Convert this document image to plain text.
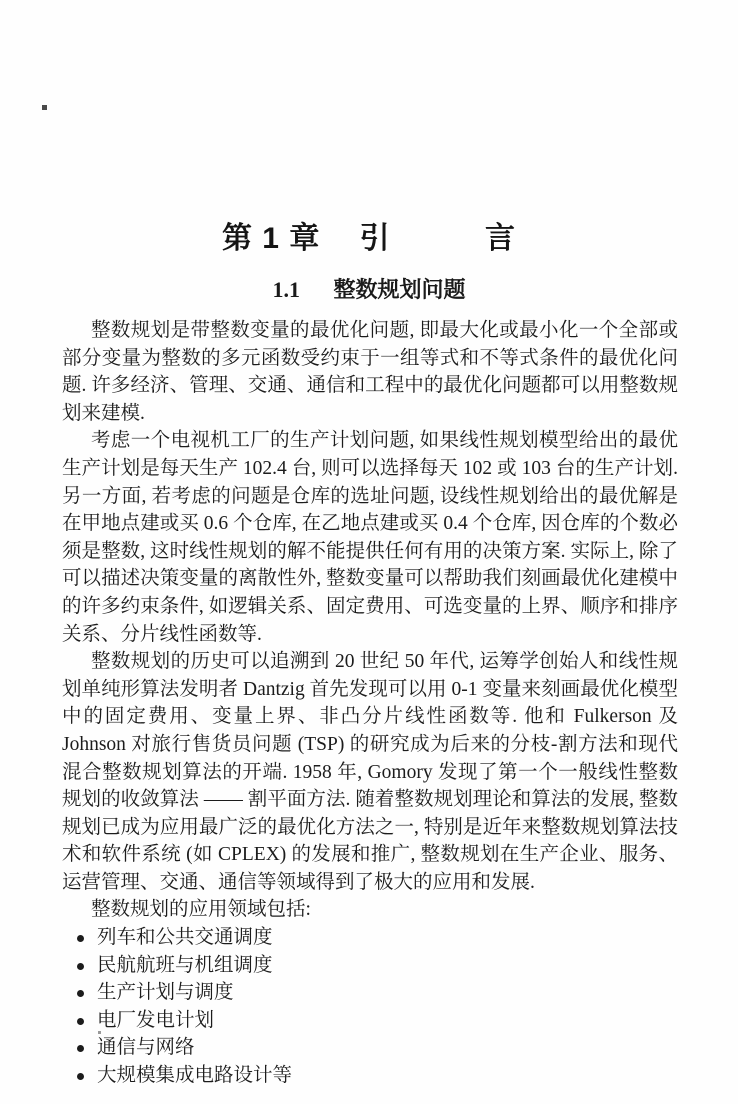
第 1 章 引	言
1.1 整数规划问题

整数规划是带整数变量的最优化问题, 即最大化或最小化一个全部或部分变量为整数的多元函数受约束于一组等式和不等式条件的最优化问题. 许多经济、管理、交通、通信和工程中的最优化问题都可以用整数规划来建模.

考虑一个电视机工厂的生产计划问题, 如果线性规划模型给出的最优生产计划是每天生产 102.4 台, 则可以选择每天 102 或 103 台的生产计划. 另一方面, 若考虑的问题是仓库的选址问题, 设线性规划给出的最优解是在甲地点建或买 0.6 个仓库, 在乙地点建或买 0.4 个仓库, 因仓库的个数必须是整数, 这时线性规划的解不能提供任何有用的决策方案. 实际上, 除了可以描述决策变量的离散性外, 整数变量可以帮助我们刻画最优化建模中的许多约束条件, 如逻辑关系、固定费用、可选变量的上界、顺序和排序关系、分片线性函数等.

整数规划的历史可以追溯到 20 世纪 50 年代, 运筹学创始人和线性规划单纯形算法发明者 Dantzig 首先发现可以用 0-1 变量来刻画最优化模型中的固定费用、变量上界、非凸分片线性函数等. 他和 Fulkerson 及 Johnson 对旅行售货员问题 (TSP) 的研究成为后来的分枝-割方法和现代混合整数规划算法的开端. 1958 年, Gomory 发现了第一个一般线性整数规划的收敛算法 —— 割平面方法. 随着整数规划理论和算法的发展, 整数规划已成为应用最广泛的最优化方法之一, 特别是近年来整数规划算法技术和软件系统 (如 CPLEX) 的发展和推广, 整数规划在生产企业、服务、运营管理、交通、通信等领域得到了极大的应用和发展.

整数规划的应用领域包括:

列车和公共交通调度
民航航班与机组调度
生产计划与调度
电厂发电计划
通信与网络
大规模集成电路设计等
